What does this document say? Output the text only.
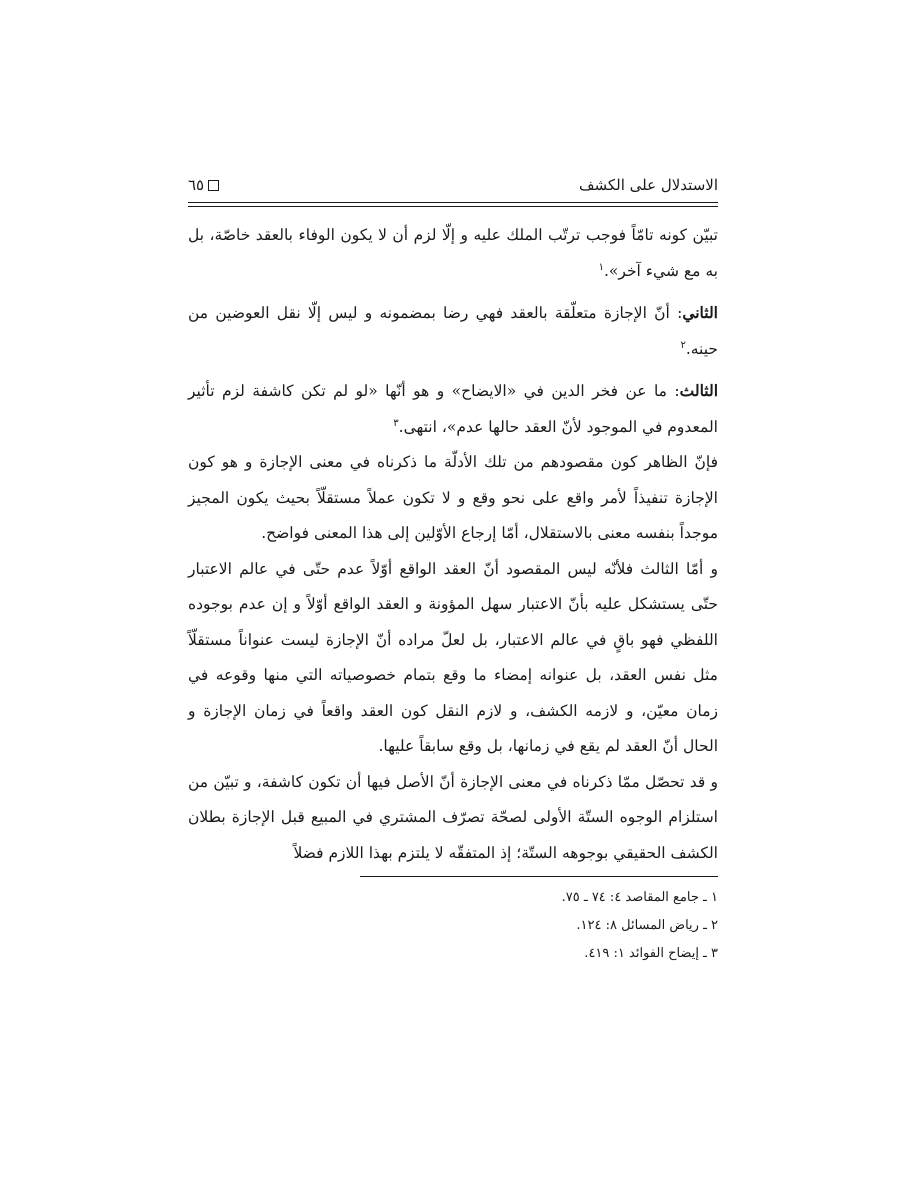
الاستدلال على الكشف
٦٥

تبيّن كونه تامّاً فوجب ترتّب الملك عليه و إلّا لزم أن لا يكون الوفاء بالعقد خاصّة، بل به مع شيء آخر».$^١$

الثاني: أنّ الإجازة متعلّقة بالعقد فهي رضا بمضمونه و ليس إلّا نقل العوضين من حينه.$^٢$

الثالث: ما عن فخر الدين في «الايضاح» و هو أنّها «لو لم تكن كاشفة لزم تأثير المعدوم في الموجود لأنّ العقد حالها عدم»، انتهى.$^٣$

فإنّ الظاهر كون مقصودهم من تلك الأدلّة ما ذكرناه في معنى الإجازة و هو كون الإجازة تنفيذاً لأمر واقع على نحو وقع و لا تكون عملاً مستقلّاً بحيث يكون المجيز موجداً بنفسه معنى بالاستقلال، أمّا إرجاع الأوّلين إلى هذا المعنى فواضح.

و أمّا الثالث فلأنّه ليس المقصود أنّ العقد الواقع أوّلاً عدم حتّى في عالم الاعتبار حتّى يستشكل عليه بأنّ الاعتبار سهل المؤونة و العقد الواقع أوّلاً و إن عدم بوجوده اللفظي فهو باقٍ في عالم الاعتبار، بل لعلّ مراده أنّ الإجازة ليست عنواناً مستقلّاً مثل نفس العقد، بل عنوانه إمضاء ما وقع بتمام خصوصياته التي منها وقوعه في زمان معيّن، و لازمه الكشف، و لازم النقل كون العقد واقعاً في زمان الإجازة و الحال أنّ العقد لم يقع في زمانها، بل وقع سابقاً عليها.

و قد تحصّل ممّا ذكرناه في معنى الإجازة أنّ الأصل فيها أن تكون كاشفة، و تبيّن من استلزام الوجوه الستّة الأولى لصحّة تصرّف المشتري في المبيع قبل الإجازة بطلان الكشف الحقيقي بوجوهه الستّة؛ إذ المتفقّه لا يلتزم بهذا اللازم فضلاً

١ ـ جامع المقاصد ٤: ٧٤ ـ ٧٥.
٢ ـ رياض المسائل ٨: ١٢٤.
٣ ـ إيضاح الفوائد ١: ٤١٩.
